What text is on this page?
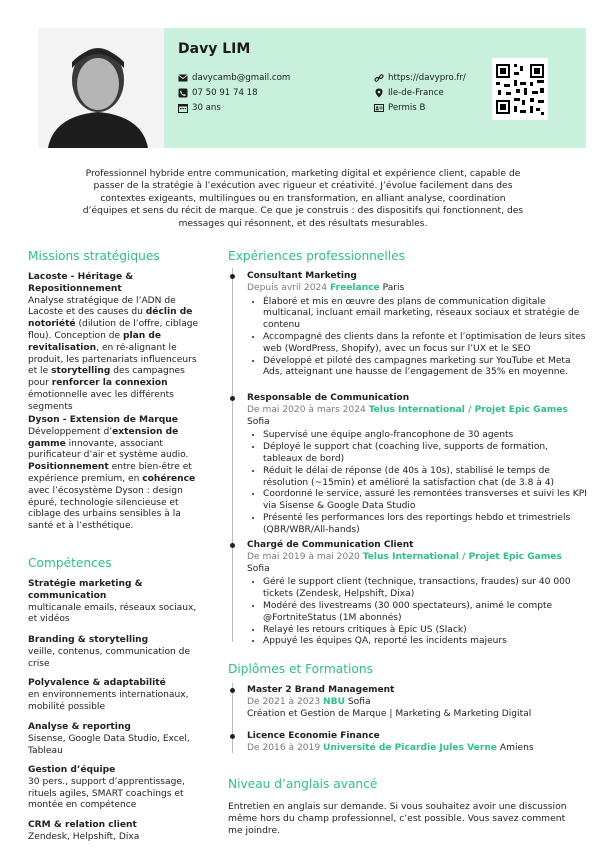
Davy LIM
davycamb@gmail.com
07 50 91 74 18
30 ans
https://davypro.fr/
Ile-de-France
Permis B
Professionnel hybride entre communication, marketing digital et expérience client, capable de passer de la stratégie à l’exécution avec rigueur et créativité. J’évolue facilement dans des contextes exigeants, multilingues ou en transformation, en alliant analyse, coordination d’équipes et sens du récit de marque. Ce que je construis : des dispositifs qui fonctionnent, des messages qui résonnent, et des résultats mesurables.
Missions stratégiques
Lacoste - Héritage & Repositionnement
Analyse stratégique de l’ADN de Lacoste et des causes du déclin de notoriété (dilution de l’offre, ciblage flou). Conception de plan de revitalisation, en ré-alignant le produit, les partenariats influenceurs et le storytelling des campagnes pour renforcer la connexion émotionnelle avec les différents segments
Dyson - Extension de Marque
Développement d’extension de gamme innovante, associant purificateur d’air et système audio. Positionnement entre bien-être et expérience premium, en cohérence avec l’écosystème Dyson : design épuré, technologie silencieuse et ciblage des urbains sensibles à la santé et à l’esthétique.
Compétences
Stratégie marketing & communication
multicanale emails, réseaux sociaux, et vidéos
Branding & storytelling
veille, contenus, communication de crise
Polyvalence & adaptabilité
en environnements internationaux, mobilité possible
Analyse & reporting
Sisense, Google Data Studio, Excel, Tableau
Gestion d’équipe
30 pers., support d’apprentissage, rituels agiles, SMART coachings et montée en compétence
CRM & relation client
Zendesk, Helpshift, Dixa
Expériences professionnelles
Consultant Marketing
Depuis avril 2024 Freelance Paris
• Élaboré et mis en œuvre des plans de communication digitale multicanal, incluant email marketing, réseaux sociaux et stratégie de contenu
• Accompagné des clients dans la refonte et l’optimisation de leurs sites web (WordPress, Shopify), avec un focus sur l’UX et le SEO
• Développé et piloté des campagnes marketing sur YouTube et Meta Ads, atteignant une hausse de l’engagement de 35% en moyenne.
Responsable de Communication
De mai 2020 à mars 2024 Telus International / Projet Epic Games Sofia
• Supervisé une équipe anglo-francophone de 30 agents
• Déployé le support chat (coaching live, supports de formation, tableaux de bord)
• Réduit le délai de réponse (de 40s à 10s), stabilisé le temps de résolution (~15min) et amélioré la satisfaction chat (de 3.8 à 4)
• Coordonné le service, assuré les remontées transverses et suivi les KPI via Sisense & Google Data Studio
• Présenté les performances lors des reportings hebdo et trimestriels (QBR/WBR/All-hands)
Chargé de Communication Client
De mai 2019 à mai 2020 Telus International / Projet Epic Games Sofia
• Géré le support client (technique, transactions, fraudes) sur 40 000 tickets (Zendesk, Helpshift, Dixa)
• Modéré des livestreams (30 000 spectateurs), animé le compte @FortniteStatus (1M abonnés)
• Relayé les retours critiques à Epic US (Slack)
• Appuyé les équipes QA, reporté les incidents majeurs
Diplômes et Formations
Master 2 Brand Management
De 2021 à 2023 NBU Sofia
Création et Gestion de Marque | Marketing & Marketing Digital
Licence Economie Finance
De 2016 à 2019 Université de Picardie Jules Verne Amiens
Niveau d’anglais avancé
Entretien en anglais sur demande. Si vous souhaitez avoir une discussion même hors du champ professionnel, c’est possible. Vous savez comment me joindre.
